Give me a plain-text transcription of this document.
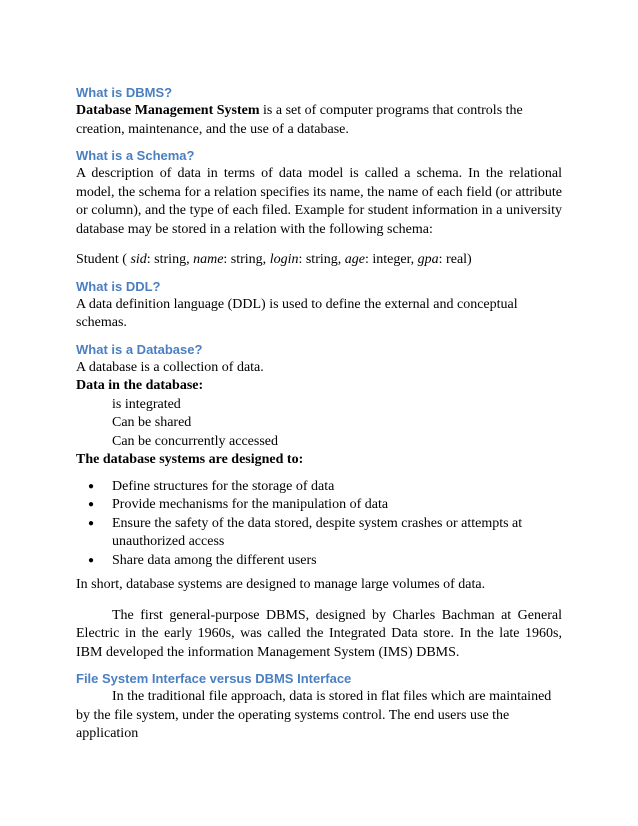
What is DBMS?

Database Management System is a set of computer programs that controls the creation, maintenance, and the use of a database.

What is a Schema?

A description of data in terms of data model is called a schema. In the relational model, the schema for a relation specifies its name, the name of each field (or attribute or column), and the type of each filed. Example for student information in a university database may be stored in a relation with the following schema:

Student ( sid: string, name: string, login: string, age: integer, gpa: real)

What is DDL?

A data definition language (DDL) is used to define the external and conceptual schemas.

What is a Database?

A database is a collection of data.

Data in the database:

is integrated

Can be shared

Can be concurrently accessed

The database systems are designed to:

● Define structures for the storage of data
● Provide mechanisms for the manipulation of data
● Ensure the safety of the data stored, despite system crashes or attempts at unauthorized access
● Share data among the different users

In short, database systems are designed to manage large volumes of data.

The first general-purpose DBMS, designed by Charles Bachman at General Electric in the early 1960s, was called the Integrated Data store. In the late 1960s, IBM developed the information Management System (IMS) DBMS.

File System Interface versus DBMS Interface

In the traditional file approach, data is stored in flat files which are maintained by the file system, under the operating systems control. The end users use the application
